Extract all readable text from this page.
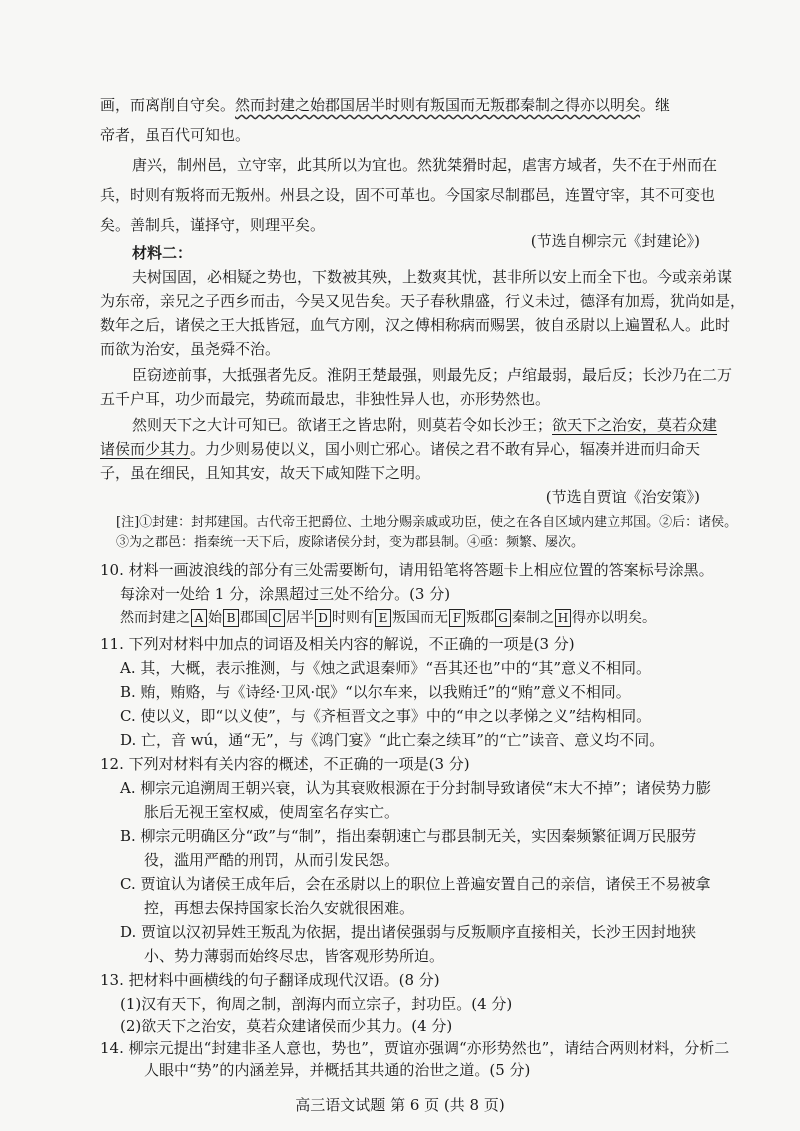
画，而离削自守矣。然而封建之始郡国居半时则有叛国而无叛郡秦制之得亦以明矣。继
帝者，虽百代可知也。
唐兴，制州邑，立守宰，此其所以为宜也。然犹桀猾时起，虐害方域者，失不在于州而在
兵，时则有叛将而无叛州。州县之设，固不可革也。今国家尽制郡邑，连置守宰，其不可变也
矣。善制兵，谨择守，则理平矣。
(节选自柳宗元《封建论》)
材料二：
夫树国固，必相疑之势也，下数被其殃，上数爽其忧，甚非所以安上而全下也。今或亲弟谋
为东帝，亲兄之子西乡而击，今吴又见告矣。天子春秋鼎盛，行义未过，德泽有加焉，犹尚如是，
数年之后，诸侯之王大抵皆冠，血气方刚，汉之傅相称病而赐罢，彼自丞尉以上遍置私人。此时
而欲为治安，虽尧舜不治。
臣窃迹前事，大抵强者先反。淮阴王楚最强，则最先反；卢绾最弱，最后反；长沙乃在二万
五千户耳，功少而最完，势疏而最忠，非独性异人也，亦形势然也。
然则天下之大计可知已。欲诸王之皆忠附，则莫若令如长沙王；欲天下之治安，莫若众建
诸侯而少其力。力少则易使以义，国小则亡邪心。诸侯之君不敢有异心，辐凑并进而归命天
子，虽在细民，且知其安，故天下咸知陛下之明。
(节选自贾谊《治安策》)
[注]①封建：封邦建国。古代帝王把爵位、土地分赐亲戚或功臣，使之在各自区域内建立邦国。②后：诸侯。
③为之郡邑：指秦统一天下后，废除诸侯分封，变为郡县制。④亟：频繁、屡次。
10. 材料一画波浪线的部分有三处需要断句，请用铅笔将答题卡上相应位置的答案标号涂黑。
每涂对一处给 1 分，涂黑超过三处不给分。(3 分)
然而封建之 A 始 B 郡国 C 居半 D 时则有 E 叛国而无 F 叛郡 G 秦制之 H 得亦以明矣。
11. 下列对材料中加点的词语及相关内容的解说，不正确的一项是(3 分)
A. 其，大概，表示推测，与《烛之武退秦师》“吾其还也”中的“其”意义不相同。
B. 贿，贿赂，与《诗经·卫风·氓》“以尔车来，以我贿迁”的“贿”意义不相同。
C. 使以义，即“以义使”，与《齐桓晋文之事》中的“申之以孝悌之义”结构相同。
D. 亡，音 wú，通“无”，与《鸿门宴》“此亡秦之续耳”的“亡”读音、意义均不同。
12. 下列对材料有关内容的概述，不正确的一项是(3 分)
A. 柳宗元追溯周王朝兴衰，认为其衰败根源在于分封制导致诸侯“末大不掉”；诸侯势力膨
胀后无视王室权威，使周室名存实亡。
B. 柳宗元明确区分“政”与“制”，指出秦朝速亡与郡县制无关，实因秦频繁征调万民服劳
役，滥用严酷的刑罚，从而引发民怨。
高三语文试题 第 6 页 (共 8 页)
C. 贾谊认为诸侯王成年后，会在丞尉以上的职位上普遍安置自己的亲信，诸侯王不易被拿
控，再想去保持国家长治久安就很困难。
D. 贾谊以汉初异姓王叛乱为依据，提出诸侯强弱与反叛顺序直接相关，长沙王因封地狭
小、势力薄弱而始终尽忠，皆客观形势所迫。
13. 把材料中画横线的句子翻译成现代汉语。(8 分)
(1)汉有天下，徇周之制，剖海内而立宗子，封功臣。(4 分)
(2)欲天下之治安，莫若众建诸侯而少其力。(4 分)
14. 柳宗元提出“封建非圣人意也，势也”，贾谊亦强调“亦形势然也”，请结合两则材料，分析二
人眼中“势”的内涵差异，并概括其共通的治世之道。(5 分)
